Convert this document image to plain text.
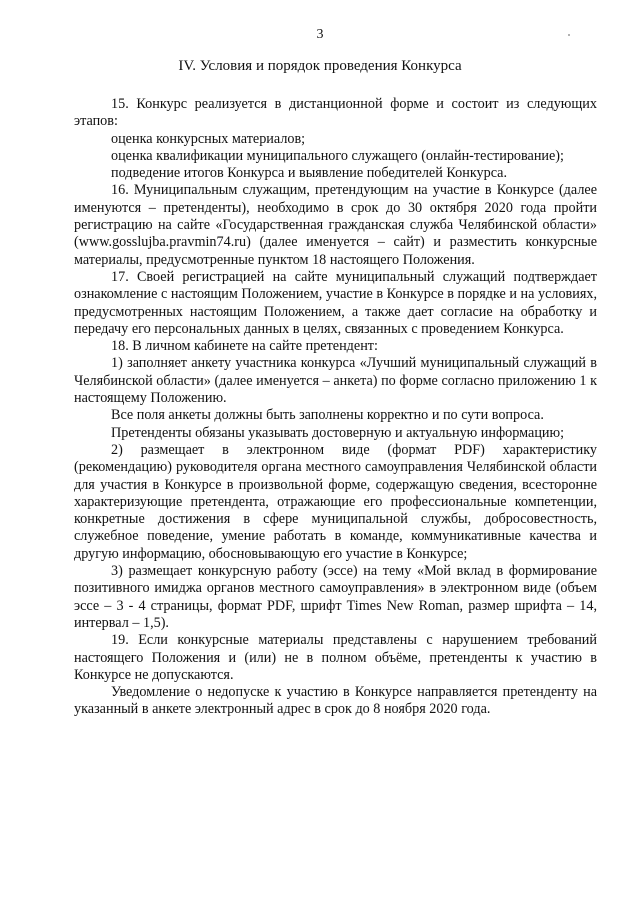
3
IV. Условия и порядок проведения Конкурса

15. Конкурс реализуется в дистанционной форме и состоит из следующих этапов:

оценка конкурсных материалов;

оценка квалификации муниципального служащего (онлайн-тестирование);

подведение итогов Конкурса и выявление победителей Конкурса.

16. Муниципальным служащим, претендующим на участие в Конкурсе (далее именуются – претенденты), необходимо в срок до 30 октября 2020 года пройти регистрацию на сайте «Государственная гражданская служба Челябинской области» (www.gosslujba.pravmin74.ru) (далее именуется – сайт) и разместить конкурсные материалы, предусмотренные пунктом 18 настоящего Положения.

17. Своей регистрацией на сайте муниципальный служащий подтверждает ознакомление с настоящим Положением, участие в Конкурсе в порядке и на условиях, предусмотренных настоящим Положением, а также дает согласие на обработку и передачу его персональных данных в целях, связанных с проведением Конкурса.

18. В личном кабинете на сайте претендент:

1) заполняет анкету участника конкурса «Лучший муниципальный служащий в Челябинской области» (далее именуется – анкета) по форме согласно приложению 1 к настоящему Положению.

Все поля анкеты должны быть заполнены корректно и по сути вопроса.

Претенденты обязаны указывать достоверную и актуальную информацию;

2) размещает в электронном виде (формат PDF) характеристику (рекомендацию) руководителя органа местного самоуправления Челябинской области для участия в Конкурсе в произвольной форме, содержащую сведения, всесторонне характеризующие претендента, отражающие его профессиональные компетенции, конкретные достижения в сфере муниципальной службы, добросовестность, служебное поведение, умение работать в команде, коммуникативные качества и другую информацию, обосновывающую его участие в Конкурсе;

3) размещает конкурсную работу (эссе) на тему «Мой вклад в формирование позитивного имиджа органов местного самоуправления» в электронном виде (объем эссе – 3 - 4 страницы, формат PDF, шрифт Times New Roman, размер шрифта – 14, интервал – 1,5).

19. Если конкурсные материалы представлены с нарушением требований настоящего Положения и (или) не в полном объёме, претенденты к участию в Конкурсе не допускаются.

Уведомление о недопуске к участию в Конкурсе направляется претенденту на указанный в анкете электронный адрес в срок до 8 ноября 2020 года.
